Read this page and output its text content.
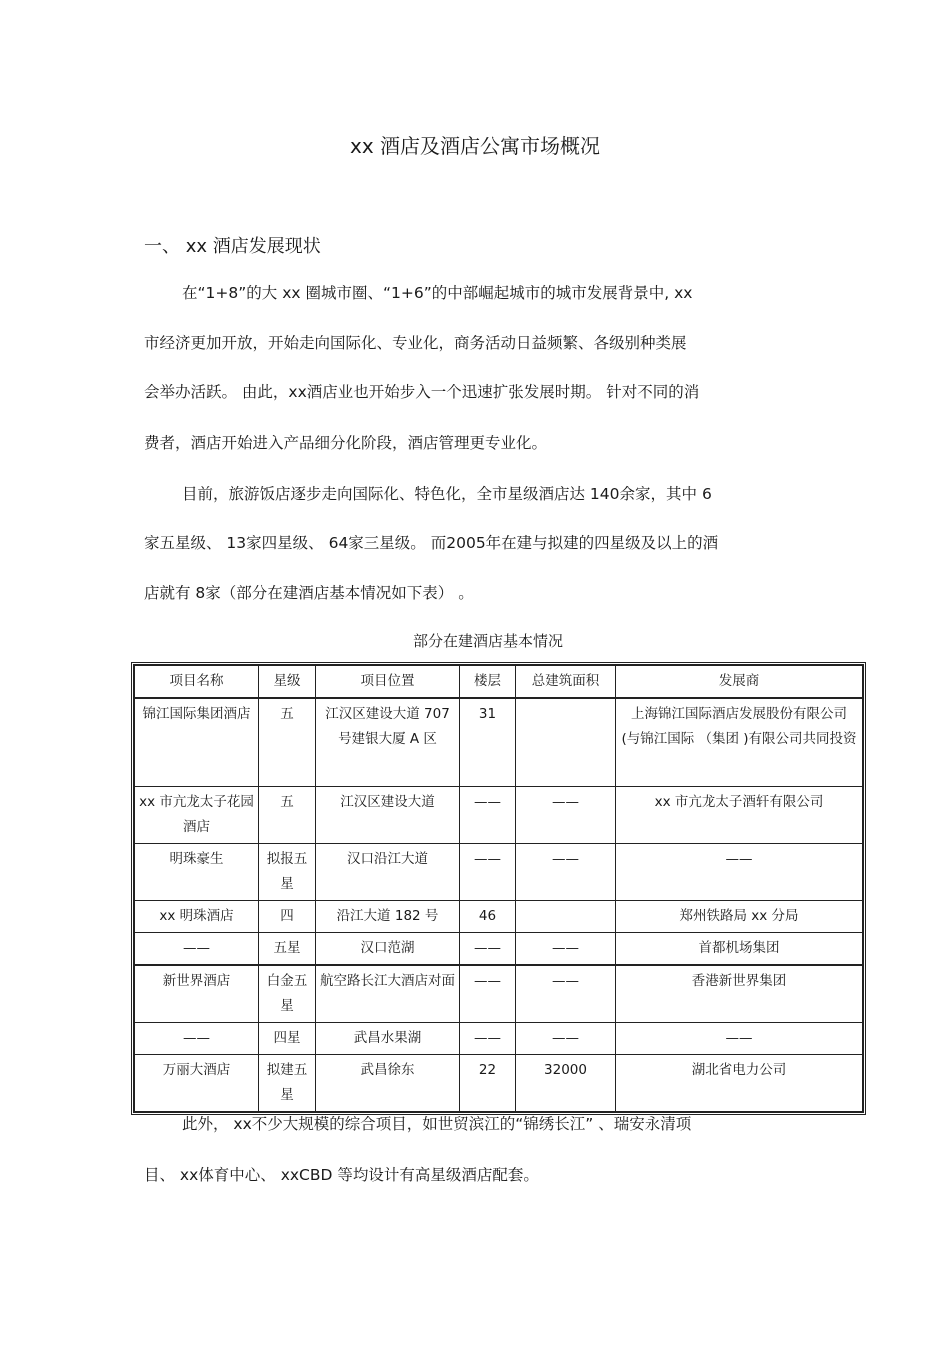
xx 酒店及酒店公寓市场概况
一、 xx 酒店发展现状
在“1+8”的大 xx 圈城市圈、“1+6”的中部崛起城市的城市发展背景中, xx
市经济更加开放，开始走向国际化、专业化，商务活动日益频繁、各级别种类展
会举办活跃。 由此，xx酒店业也开始步入一个迅速扩张发展时期。 针对不同的消
费者，酒店开始进入产品细分化阶段，酒店管理更专业化。
目前，旅游饭店逐步走向国际化、特色化，全市星级酒店达 140余家，其中 6
家五星级、 13家四星级、 64家三星级。 而2005年在建与拟建的四星级及以上的酒
店就有 8家（部分在建酒店基本情况如下表） 。
部分在建酒店基本情况
项目名称	星级	项目位置	楼层	总建筑面积	发展商
锦江国际集团酒店	五	江汉区建设大道 707 号建银大厦 A 区	31		上海锦江国际酒店发展股份有限公司 (与锦江国际 （集团 )有限公司共同投资
xx 市亢龙太子花园酒店	五	江汉区建设大道	——	——	xx 市亢龙太子酒轩有限公司
明珠豪生	拟报五星	汉口沿江大道	——	——	——
xx 明珠酒店	四	沿江大道 182 号	46		郑州铁路局 xx 分局
——	五星	汉口范湖	——	——	首都机场集团
新世界酒店	白金五星	航空路长江大酒店对面	——	——	香港新世界集团
——	四星	武昌水果湖	——	——	——
万丽大酒店	拟建五星	武昌徐东	22	32000	湖北省电力公司
此外， xx不少大规模的综合项目，如世贸滨江的“锦绣长江” 、瑞安永清项
目、 xx体育中心、 xxCBD 等均设计有高星级酒店配套。
